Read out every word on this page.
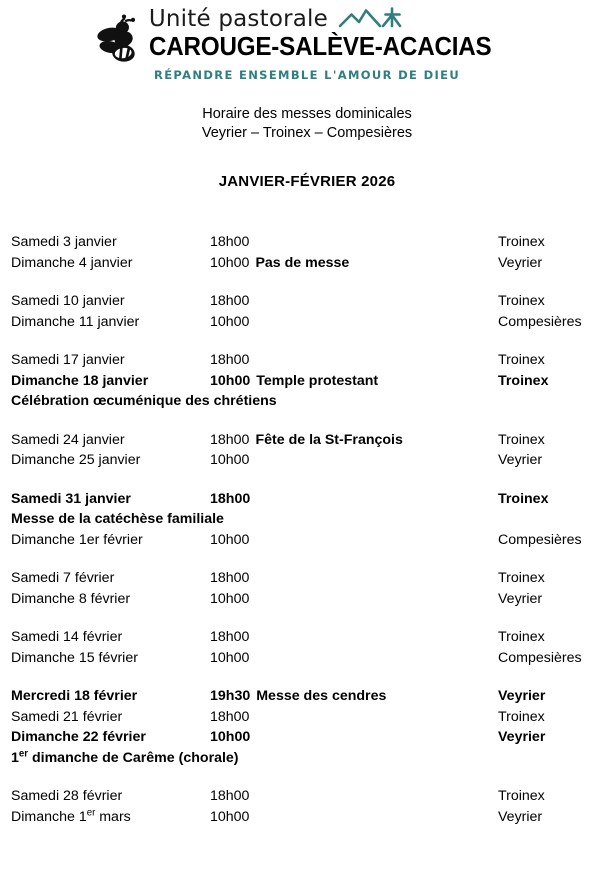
Unité pastorale
CAROUGE-SALÈVE-ACACIAS
RÉPANDRE ENSEMBLE L'AMOUR DE DIEU
Horaire des messes dominicales
Veyrier – Troinex – Compesières
JANVIER-FÉVRIER 2026
Samedi 3 janvier	18h00	Troinex
Dimanche 4 janvier	10h00 Pas de messe	Veyrier
Samedi 10 janvier	18h00	Troinex
Dimanche 11 janvier	10h00	Compesières
Samedi 17 janvier	18h00	Troinex
Dimanche 18 janvier	10h00 Temple protestant	Troinex
Célébration œcuménique des chrétiens
Samedi 24 janvier	18h00 Fête de la St-François	Troinex
Dimanche 25 janvier	10h00	Veyrier
Samedi 31 janvier	18h00	Troinex
Messe de la catéchèse familiale
Dimanche 1er février	10h00	Compesières
Samedi 7 février	18h00	Troinex
Dimanche 8 février	10h00	Veyrier
Samedi 14 février	18h00	Troinex
Dimanche 15 février	10h00	Compesières
Mercredi 18 février	19h30 Messe des cendres	Veyrier
Samedi 21 février	18h00	Troinex
Dimanche 22 février	10h00	Veyrier
1er dimanche de Carême (chorale)
Samedi 28 février	18h00	Troinex
Dimanche 1er mars	10h00	Veyrier
